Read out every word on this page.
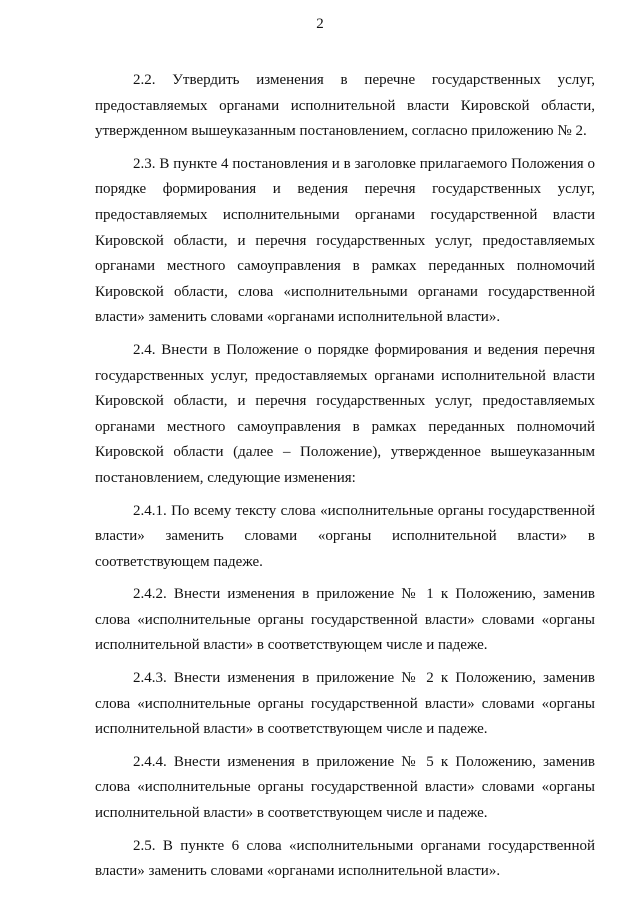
2

2.2. Утвердить изменения в перечне государственных услуг, предоставляемых органами исполнительной власти Кировской области, утвержденном вышеуказанным постановлением, согласно приложению № 2.

2.3. В пункте 4 постановления и в заголовке прилагаемого Положения о порядке формирования и ведения перечня государственных услуг, предоставляемых исполнительными органами государственной власти Кировской области, и перечня государственных услуг, предоставляемых органами местного самоуправления в рамках переданных полномочий Кировской области, слова «исполнительными органами государственной власти» заменить словами «органами исполнительной власти».

2.4. Внести в Положение о порядке формирования и ведения перечня государственных услуг, предоставляемых органами исполнительной власти Кировской области, и перечня государственных услуг, предоставляемых органами местного самоуправления в рамках переданных полномочий Кировской области (далее – Положение), утвержденное вышеуказанным постановлением, следующие изменения:

2.4.1. По всему тексту слова «исполнительные органы государственной власти» заменить словами «органы исполнительной власти» в соответствующем падеже.

2.4.2. Внести изменения в приложение № 1 к Положению, заменив слова «исполнительные органы государственной власти» словами «органы исполнительной власти» в соответствующем числе и падеже.

2.4.3. Внести изменения в приложение № 2 к Положению, заменив слова «исполнительные органы государственной власти» словами «органы исполнительной власти» в соответствующем числе и падеже.

2.4.4. Внести изменения в приложение № 5 к Положению, заменив слова «исполнительные органы государственной власти» словами «органы исполнительной власти» в соответствующем числе и падеже.

2.5. В пункте 6 слова «исполнительными органами государственной власти» заменить словами «органами исполнительной власти».
